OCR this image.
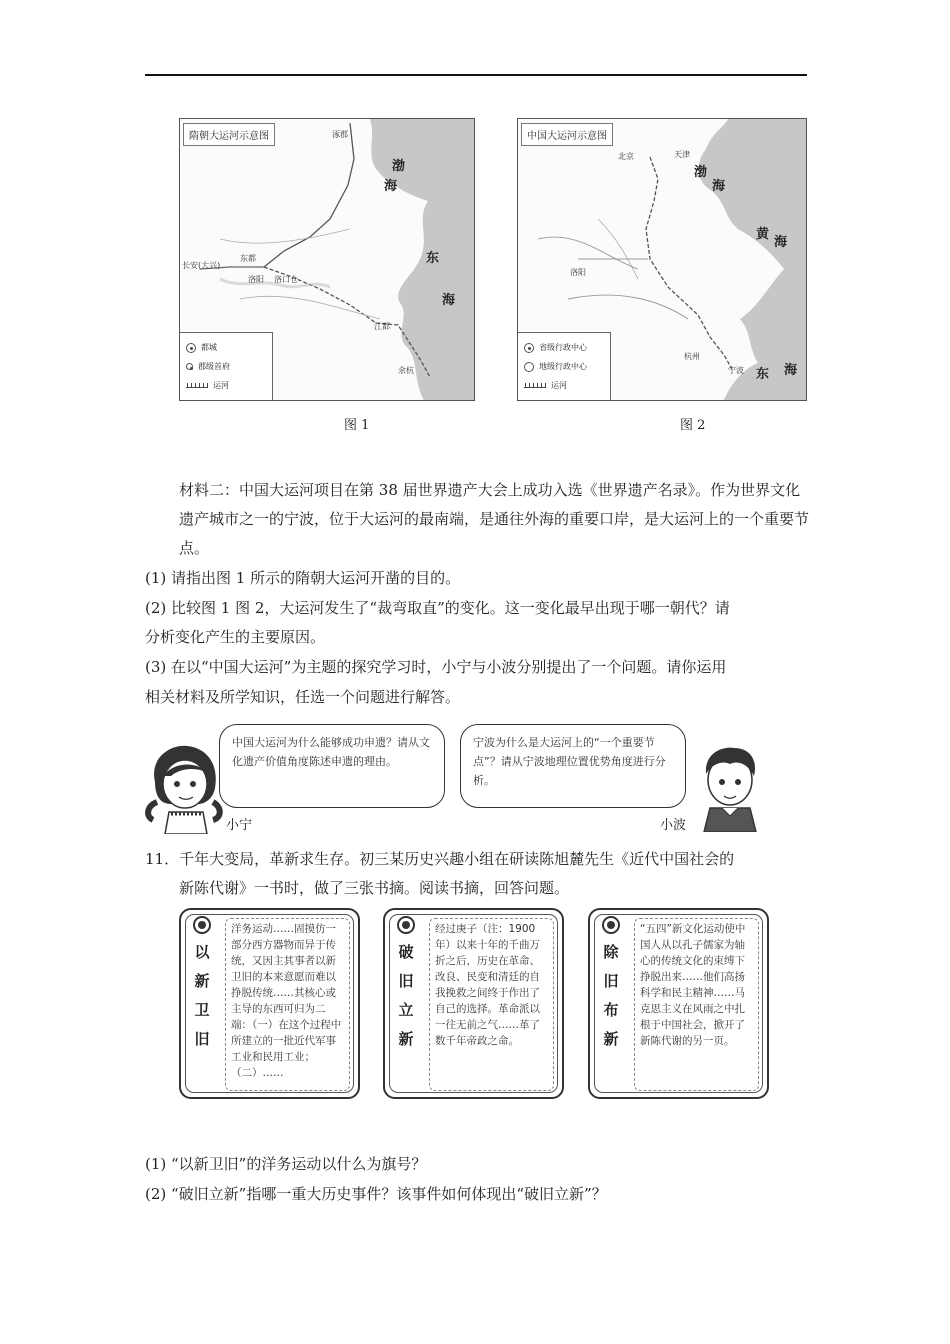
隋朝大运河示意图	涿郡
长安(大兴)
东都
洛阳 洛口仓
江都
余杭
渤
海
东
海
都城
郡级首府
运河
图 1
中国大运河示意图
北京	天津
洛阳
杭州
宁波
渤
海
黄
海
东 海
省级行政中心
地级行政中心
运河
图 2
材料二：中国大运河项目在第 38 届世界遗产大会上成功入选《世界遗产名录》。作为世界文化遗产城市之一的宁波，位于大运河的最南端，是通往外海的重要口岸，是大运河上的一个重要节点。
(1) 请指出图 1 所示的隋朝大运河开凿的目的。
(2) 比较图 1 图 2，大运河发生了“裁弯取直”的变化。这一变化最早出现于哪一朝代？请
分析变化产生的主要原因。
(3) 在以“中国大运河”为主题的探究学习时，小宁与小波分别提出了一个问题。请你运用
相关材料及所学知识，任选一个问题进行解答。
中国大运河为什么能够成功申遗？请从文化遗产价值角度陈述申遗的理由。
小宁
宁波为什么是大运河上的“一个重要节点”？请从宁波地理位置优势角度进行分析。
小波
11．千年大变局，革新求生存。初三某历史兴趣小组在研读陈旭麓先生《近代中国社会的
新陈代谢》一书时，做了三张书摘。阅读书摘，回答问题。
以新卫旧
洋务运动……固摸仿一部分西方器物而异于传统，又因主其事者以新卫旧的本来意愿而难以挣脱传统……其核心或主导的东西可归为二端：（一）在这个过程中所建立的一批近代军事工业和民用工业；（二）……
破旧立新
经过庚子（注：1900 年）以来十年的千曲万折之后，历史在革命、改良、民变和清廷的自我挽救之间终于作出了自己的选择。革命派以一往无前之气……革了数千年帝政之命。	除旧布新
“五四”新文化运动使中国人从以孔子儒家为轴心的传统文化的束缚下挣脱出来……他们高扬科学和民主精神……马克思主义在风雨之中扎根于中国社会，掀开了新陈代谢的另一页。
(1) “以新卫旧”的洋务运动以什么为旗号？
(2) “破旧立新”指哪一重大历史事件？该事件如何体现出“破旧立新”？
